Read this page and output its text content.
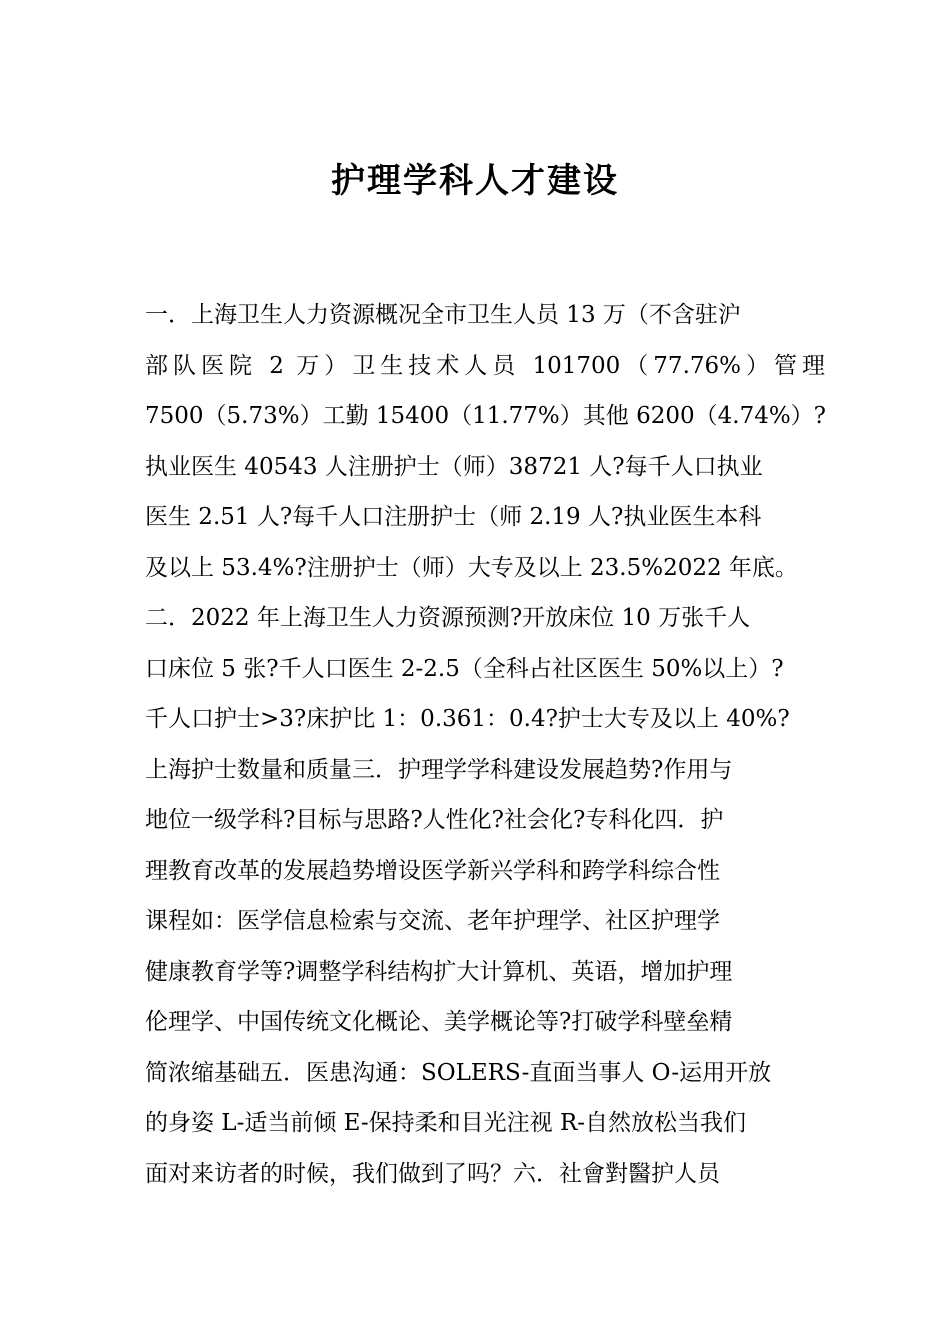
护理学科人才建设
一．上海卫生人力资源概况全市卫生人员 13 万（不含驻沪
部队医院 2 万）卫生技术人员 101700（77.76%）管理
7500（5.73%）工勤 15400（11.77%）其他 6200（4.74%）?
执业医生 40543 人注册护士（师）38721 人?每千人口执业
医生 2.51 人?每千人口注册护士（师 2.19 人?执业医生本科
及以上 53.4%?注册护士（师）大专及以上 23.5%2022 年底。
二．2022 年上海卫生人力资源预测?开放床位 10 万张千人
口床位 5 张?千人口医生 2-2.5（全科占社区医生 50%以上）?
千人口护士>3?床护比 1：0.361：0.4?护士大专及以上 40%?
上海护士数量和质量三．护理学学科建设发展趋势?作用与
地位一级学科?目标与思路?人性化?社会化?专科化四．护
理教育改革的发展趋势增设医学新兴学科和跨学科综合性
课程如：医学信息检索与交流、老年护理学、社区护理学
健康教育学等?调整学科结构扩大计算机、英语，增加护理
伦理学、中国传统文化概论、美学概论等?打破学科壁垒精
简浓缩基础五．医患沟通：SOLERS-直面当事人 O-运用开放
的身姿 L-适当前倾 E-保持柔和目光注视 R-自然放松当我们
面对来访者的时候，我们做到了吗？六．社會對醫护人员
